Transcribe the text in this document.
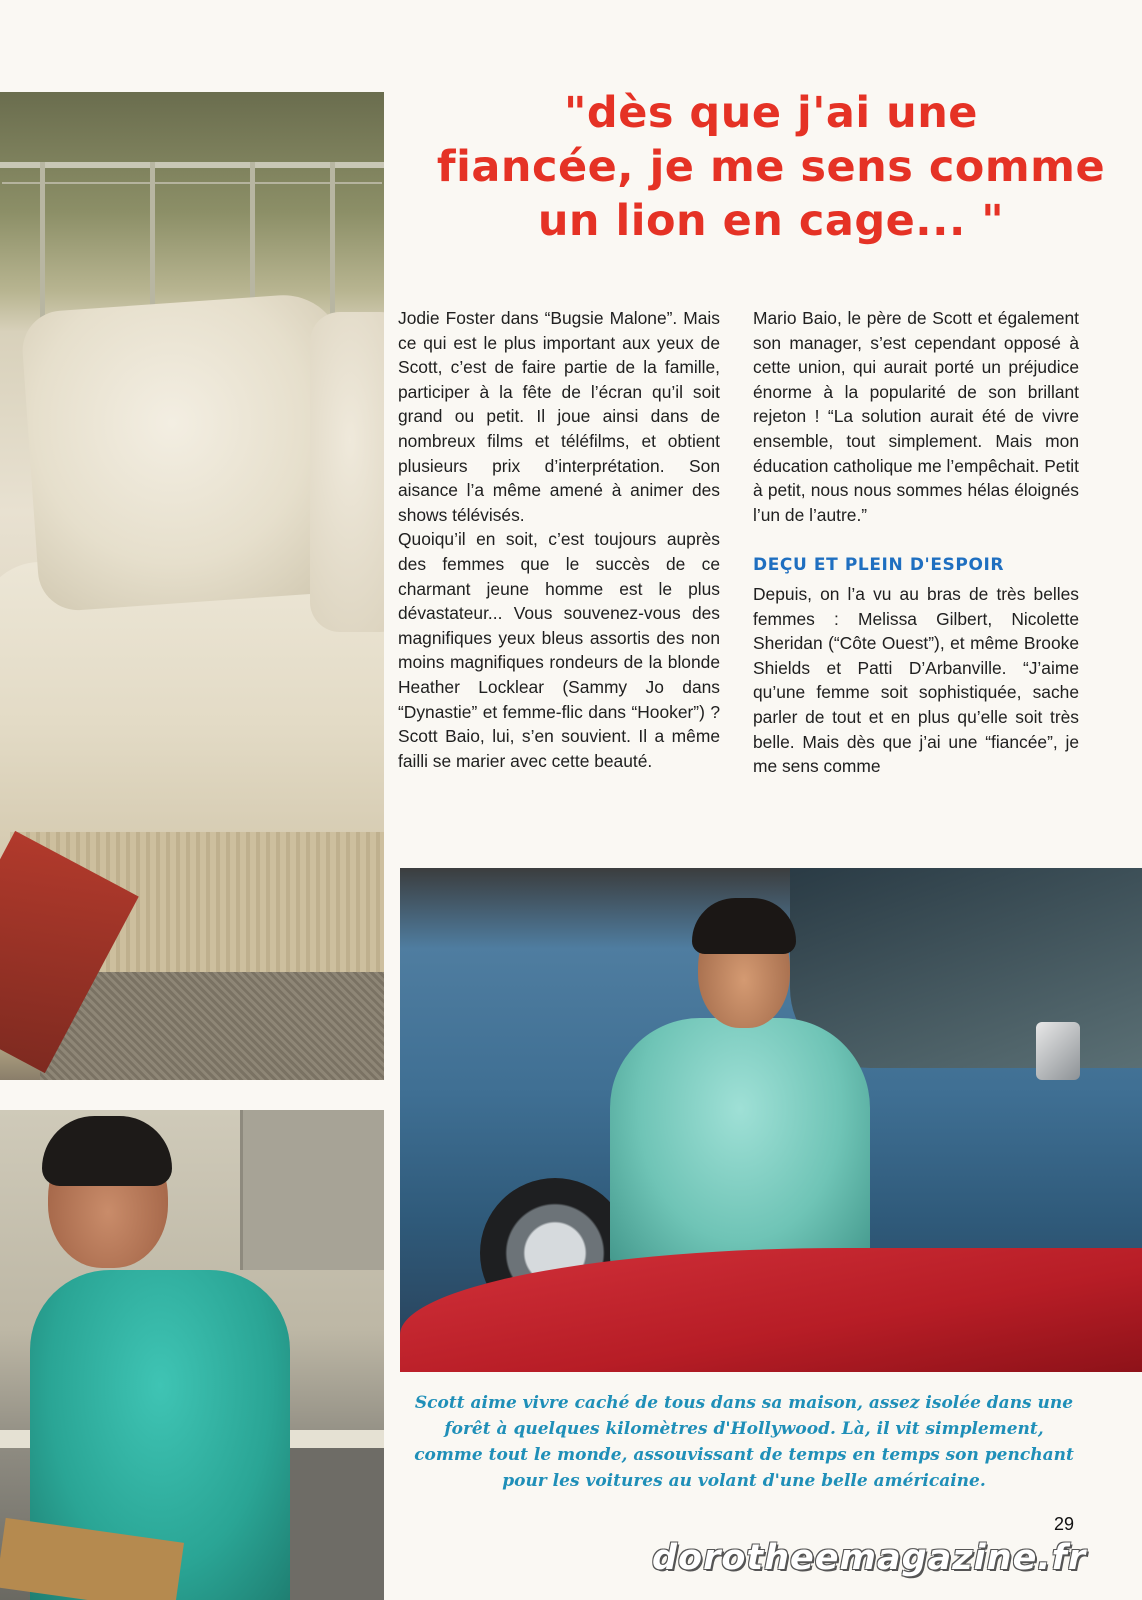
"dès que j'ai une
fiancée, je me sens comme
un lion en cage... "

Jodie Foster dans “Bugsie Malone”. Mais ce qui est le plus important aux yeux de Scott, c’est de faire partie de la famille, participer à la fête de l’écran qu’il soit grand ou petit. Il joue ainsi dans de nombreux films et téléfilms, et obtient plusieurs prix d’interprétation. Son aisance l’a même amené à animer des shows télévisés.

Quoiqu’il en soit, c’est toujours auprès des femmes que le succès de ce charmant jeune homme est le plus dévastateur... Vous souvenez-vous des magnifiques yeux bleus assortis des non moins magnifiques rondeurs de la blonde Heather Locklear (Sammy Jo dans “Dynastie” et femme-flic dans “Hooker”) ? Scott Baio, lui, s’en souvient. Il a même failli se marier avec cette beauté.

Mario Baio, le père de Scott et également son manager, s’est cependant opposé à cette union, qui aurait porté un préjudice énorme à la popularité de son brillant rejeton ! “La solution aurait été de vivre ensemble, tout simplement. Mais mon éducation catholique me l’empêchait. Petit à petit, nous nous sommes hélas éloignés l’un de l’autre.”

DEÇU ET PLEIN D'ESPOIR

Depuis, on l’a vu au bras de très belles femmes : Melissa Gilbert, Nicolette Sheridan (“Côte Ouest”), et même Brooke Shields et Patti D’Arbanville. “J’aime qu’une femme soit sophistiquée, sache parler de tout et en plus qu’elle soit très belle. Mais dès que j’ai une “fiancée”, je me sens comme

Scott aime vivre caché de tous dans sa maison, assez isolée dans une
forêt à quelques kilomètres d'Hollywood. Là, il vit simplement,
comme tout le monde, assouvissant de temps en temps son penchant
pour les voitures au volant d'une belle américaine.
29
dorotheemagazine.fr
